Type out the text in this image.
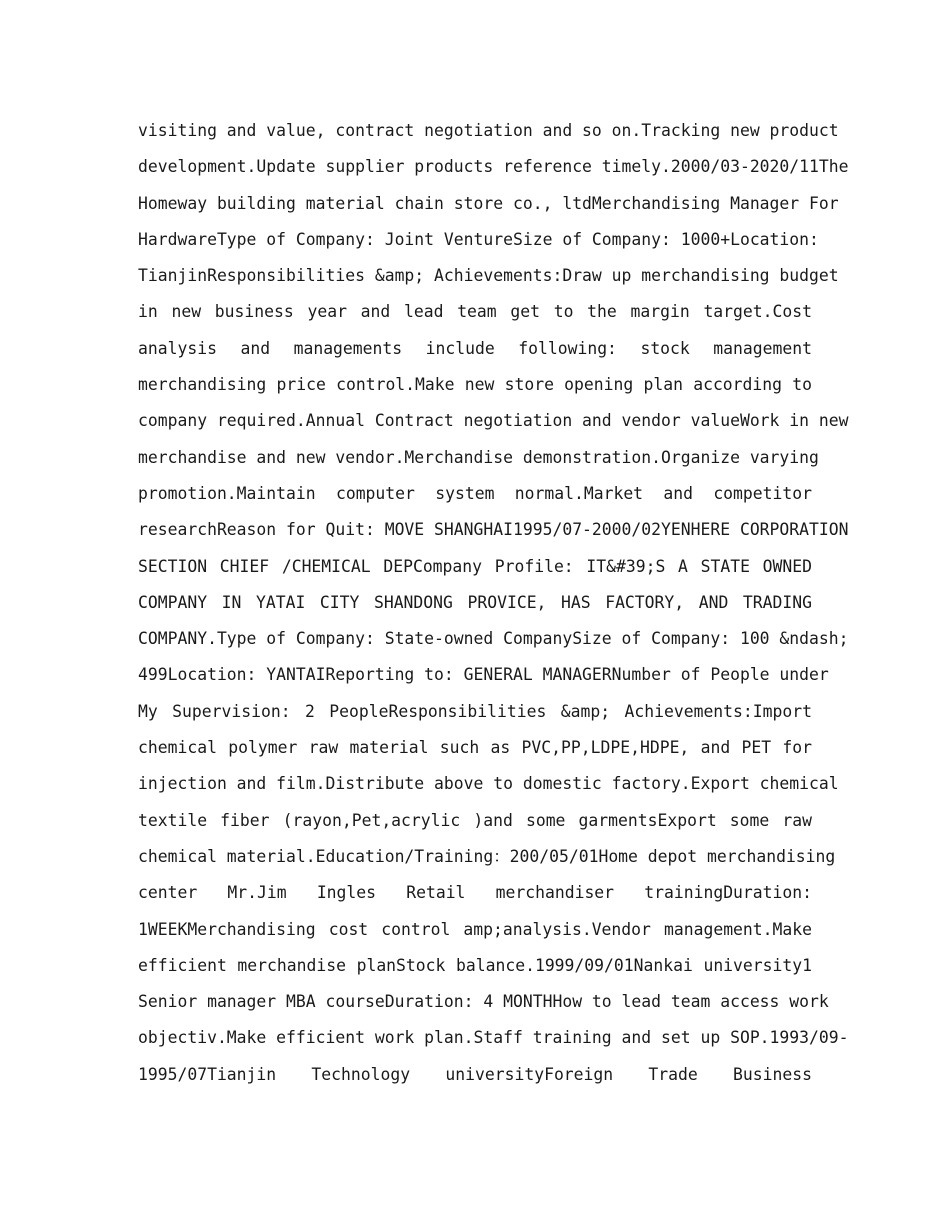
visiting and value, contract negotiation and so on.Tracking new product
development.Update supplier products reference timely.2000/03-2020/11The
Homeway building material chain store co., ltdMerchandising Manager For
HardwareType of Company: Joint VentureSize of Company: 1000+Location:
TianjinResponsibilities &amp; Achievements:Draw up merchandising budget
in new business year and lead team get to the margin target.Cost
analysis and managements include following: stock management
merchandising price control.Make new store opening plan according to
company required.Annual Contract negotiation and vendor valueWork in new
merchandise and new vendor.Merchandise demonstration.Organize varying
promotion.Maintain computer system normal.Market and competitor
researchReason for Quit: MOVE SHANGHAI1995/07-2000/02YENHERE CORPORATION
SECTION CHIEF /CHEMICAL DEPCompany Profile: IT&#39;S A STATE OWNED
COMPANY IN YATAI CITY SHANDONG PROVICE, HAS FACTORY, AND TRADING
COMPANY.Type of Company: State-owned CompanySize of Company: 100 &ndash;
499Location: YANTAIReporting to: GENERAL MANAGERNumber of People under
My Supervision: 2 PeopleResponsibilities &amp; Achievements:Import
chemical polymer raw material such as PVC,PP,LDPE,HDPE, and PET for
injection and film.Distribute above to domestic factory.Export chemical
textile fiber (rayon,Pet,acrylic )and some garmentsExport some raw
chemical material.Education/Training：200/05/01Home depot merchandising
center Mr.Jim Ingles Retail merchandiser trainingDuration:
1WEEKMerchandising cost control amp;analysis.Vendor management.Make
efficient merchandise planStock balance.1999/09/01Nankai university1
Senior manager MBA courseDuration: 4 MONTHHow to lead team access work
objectiv.Make efficient work plan.Staff training and set up SOP.1993/09-
1995/07Tianjin Technology universityForeign Trade Business
